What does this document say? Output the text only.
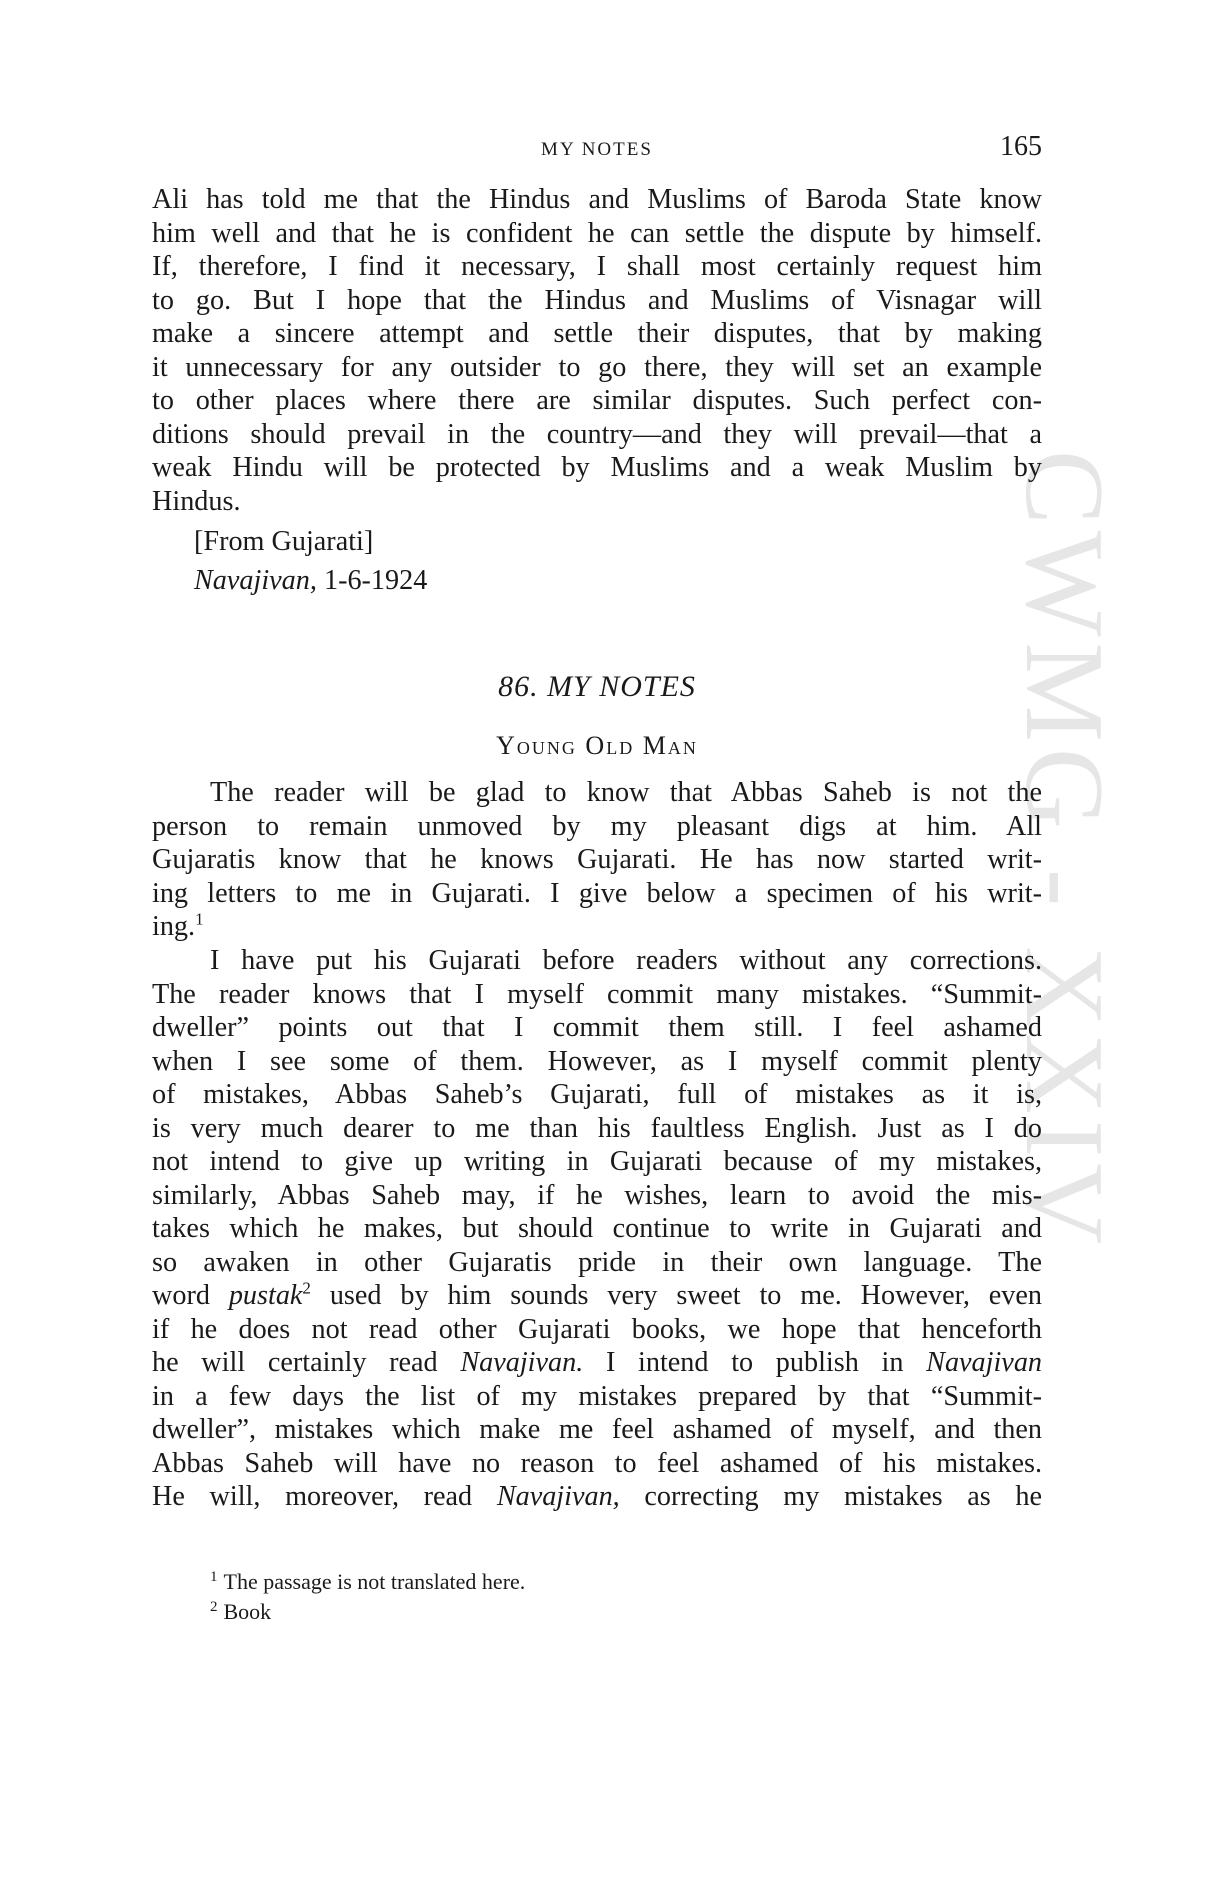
CWMG - XXIV
MY NOTES	165
Ali has told me that the Hindus and Muslims of Baroda State know
him well and that he is confident he can settle the dispute by himself.
If, therefore, I find it necessary, I shall most certainly request him
to go. But I hope that the Hindus and Muslims of Visnagar will
make a sincere attempt and settle their disputes, that by making
it unnecessary for any outsider to go there, they will set an example
to other places where there are similar disputes. Such perfect con-
ditions should prevail in the country—and they will prevail—that a
weak Hindu will be protected by Muslims and a weak Muslim by
Hindus.
[From Gujarati]
Navajivan, 1-6-1924
86. MY NOTES
Young Old Man
The reader will be glad to know that Abbas Saheb is not the
person to remain unmoved by my pleasant digs at him. All
Gujaratis know that he knows Gujarati. He has now started writ-
ing letters to me in Gujarati. I give below a specimen of his writ-
ing.$^1$
I have put his Gujarati before readers without any corrections.
The reader knows that I myself commit many mistakes. “Summit-
dweller” points out that I commit them still. I feel ashamed
when I see some of them. However, as I myself commit plenty
of mistakes, Abbas Saheb’s Gujarati, full of mistakes as it is,
is very much dearer to me than his faultless English. Just as I do
not intend to give up writing in Gujarati because of my mistakes,
similarly, Abbas Saheb may, if he wishes, learn to avoid the mis-
takes which he makes, but should continue to write in Gujarati and
so awaken in other Gujaratis pride in their own language. The
word pustak$^2$ used by him sounds very sweet to me. However, even
if he does not read other Gujarati books, we hope that henceforth
he will certainly read Navajivan. I intend to publish in Navajivan
in a few days the list of my mistakes prepared by that “Summit-
dweller”, mistakes which make me feel ashamed of myself, and then
Abbas Saheb will have no reason to feel ashamed of his mistakes.
He will, moreover, read Navajivan, correcting my mistakes as he
$^1$ The passage is not translated here.
$^2$ Book
